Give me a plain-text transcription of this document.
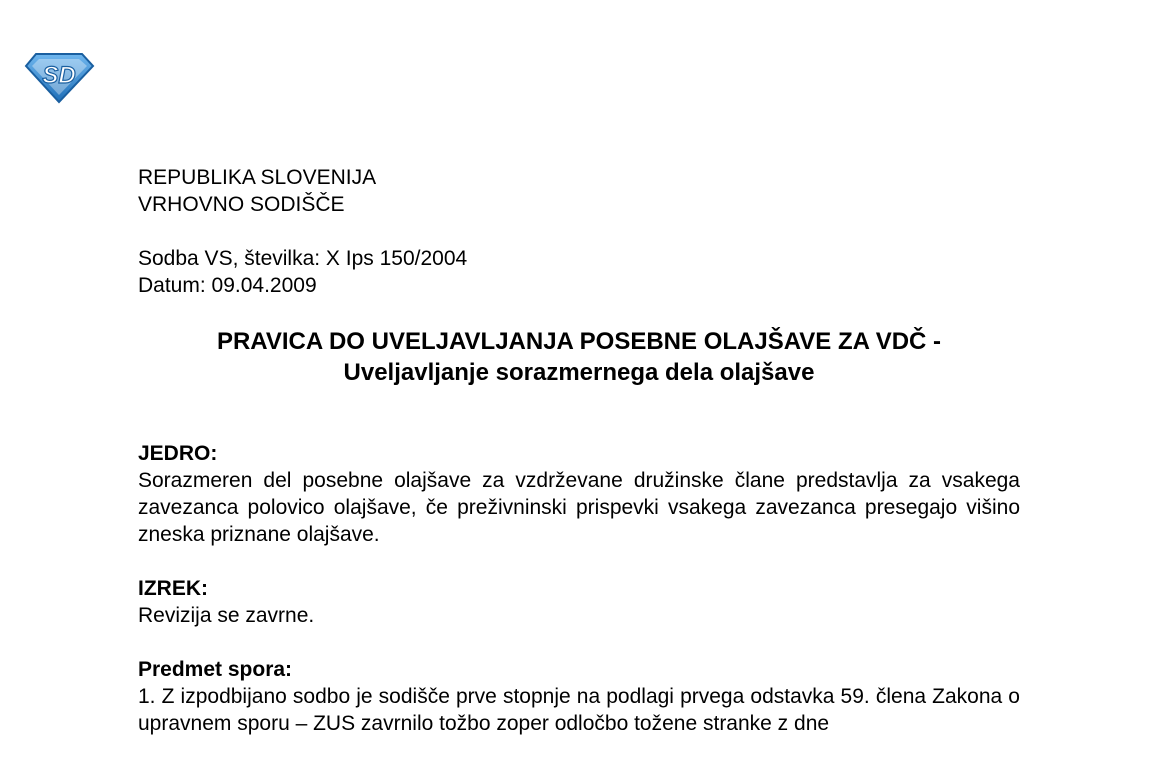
SD

REPUBLIKA SLOVENIJA

VRHOVNO SODIŠČE

Sodba VS, številka: X Ips 150/2004

Datum: 09.04.2009

PRAVICA DO UVELJAVLJANJA POSEBNE OLAJŠAVE ZA VDČ -

Uveljavljanje sorazmernega dela olajšave

JEDRO:

Sorazmeren del posebne olajšave za vzdrževane družinske člane predstavlja za vsakega zavezanca polovico olajšave, če preživninski prispevki vsakega zavezanca presegajo višino zneska priznane olajšave.

IZREK:

Revizija se zavrne.

Predmet spora:

1. Z izpodbijano sodbo je sodišče prve stopnje na podlagi prvega odstavka 59. člena Zakona o upravnem sporu – ZUS zavrnilo tožbo zoper odločbo tožene stranke z dne
